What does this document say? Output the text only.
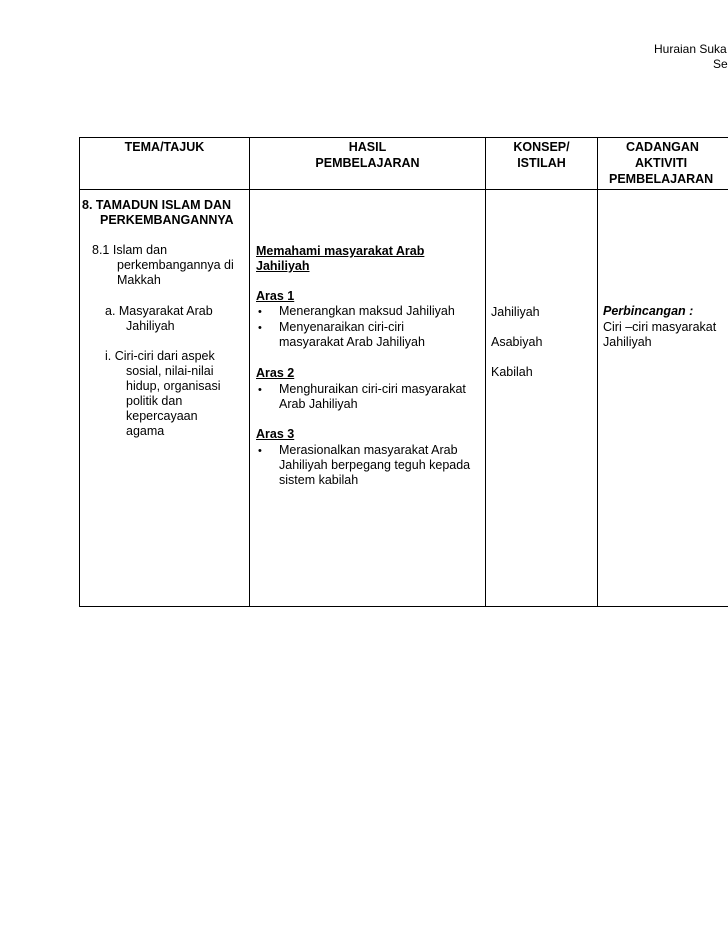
Huraian Suka
Se
TEMA/TAJUK	HASIL
PEMBELAJARAN
KONSEP/
ISTILAH
CADANGAN
AKTIVITI
PEMBELAJARAN
8. TAMADUN ISLAM DAN
PERKEMBANGANNYA
8.1 Islam dan
perkembangannya di
Makkah
a. Masyarakat Arab
Jahiliyah
i. Ciri-ciri dari aspek
sosial, nilai-nilai
hidup, organisasi
politik dan
kepercayaan
agama
Memahami masyarakat Arab
Jahiliyah
Aras 1
• Menerangkan maksud Jahiliyah
• Menyenaraikan ciri-ciri
masyarakat Arab Jahiliyah
Aras 2
• Menghuraikan ciri-ciri masyarakat
Arab Jahiliyah
Aras 3
• Merasionalkan masyarakat Arab
Jahiliyah berpegang teguh kepada
sistem kabilah
Jahiliyah
Asabiyah
Kabilah
Perbincangan :
Ciri –ciri masyarakat
Jahiliyah
